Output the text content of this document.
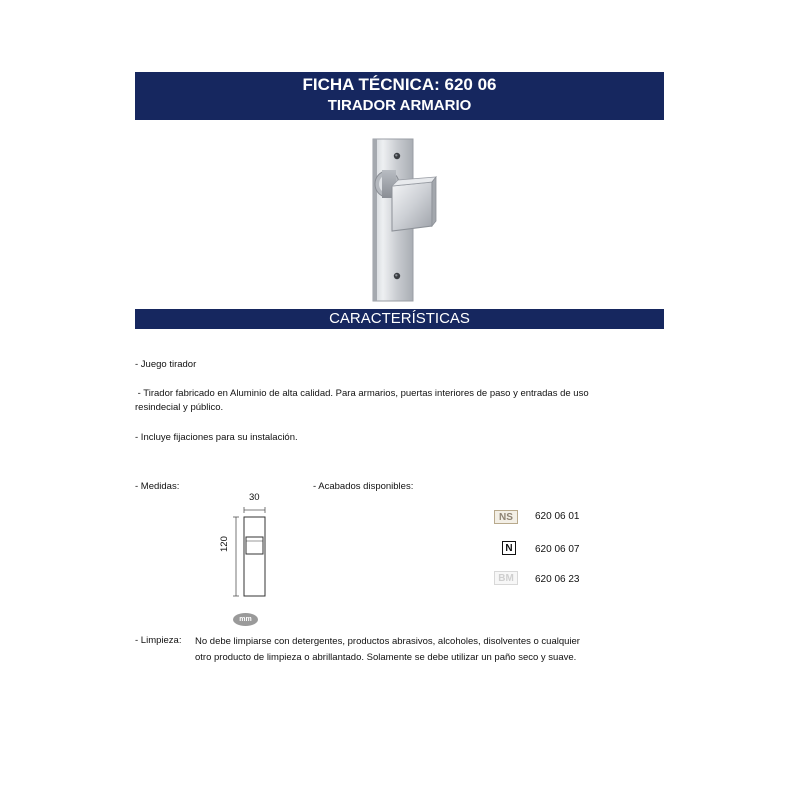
FICHA TÉCNICA: 620 06
TIRADOR ARMARIO
CARACTERÍSTICAS
- Juego tirador
- Tirador fabricado en Aluminio de alta calidad. Para armarios, puertas interiores de paso y entradas de uso resindecial y público.
- Incluye fijaciones para su instalación.
- Medidas:
30
120
mm
- Acabados disponibles:
NS	620 06 01
N	620 06 07
BM	620 06 23
- Limpieza: No debe limpiarse con detergentes, productos abrasivos, alcoholes, disolventes o cualquier otro producto de limpieza o abrillantado. Solamente se debe utilizar un paño seco y suave.
